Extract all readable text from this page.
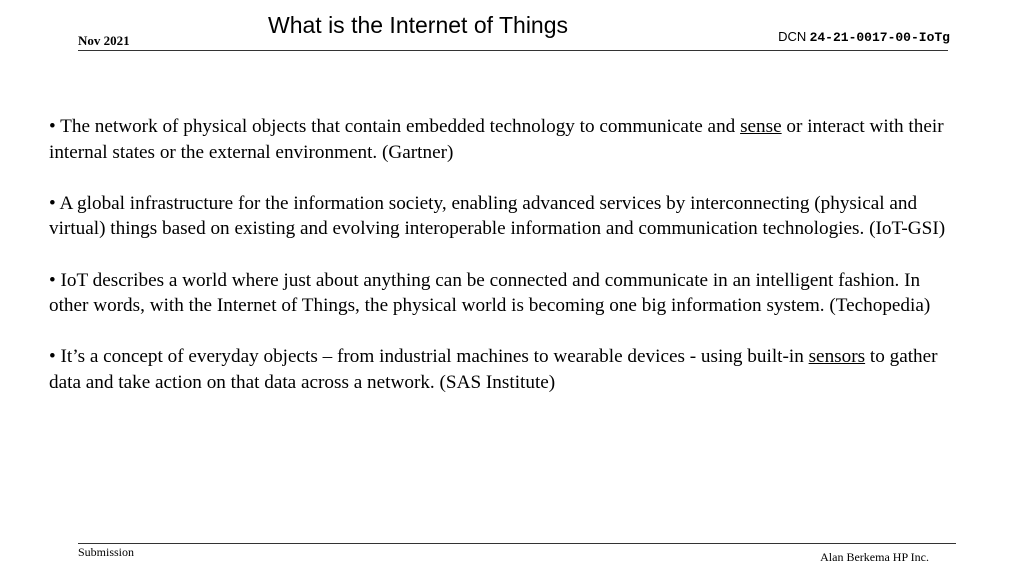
Nov 2021
What is the Internet of Things	DCN 24-21-0017-00-IoTg

• The network of physical objects that contain embedded technology to communicate and sense or interact with their internal states or the external environment. (Gartner)

• A global infrastructure for the information society, enabling advanced services by interconnecting (physical and virtual) things based on existing and evolving interoperable information and communication technologies. (IoT-GSI)

• IoT describes a world where just about anything can be connected and communicate in an intelligent fashion. In other words, with the Internet of Things, the physical world is becoming one big information system. (Techopedia)

• It’s a concept of everyday objects – from industrial machines to wearable devices - using built-in sensors to gather data and take action on that data across a network. (SAS Institute)

Submission	Alan Berkema HP Inc.
